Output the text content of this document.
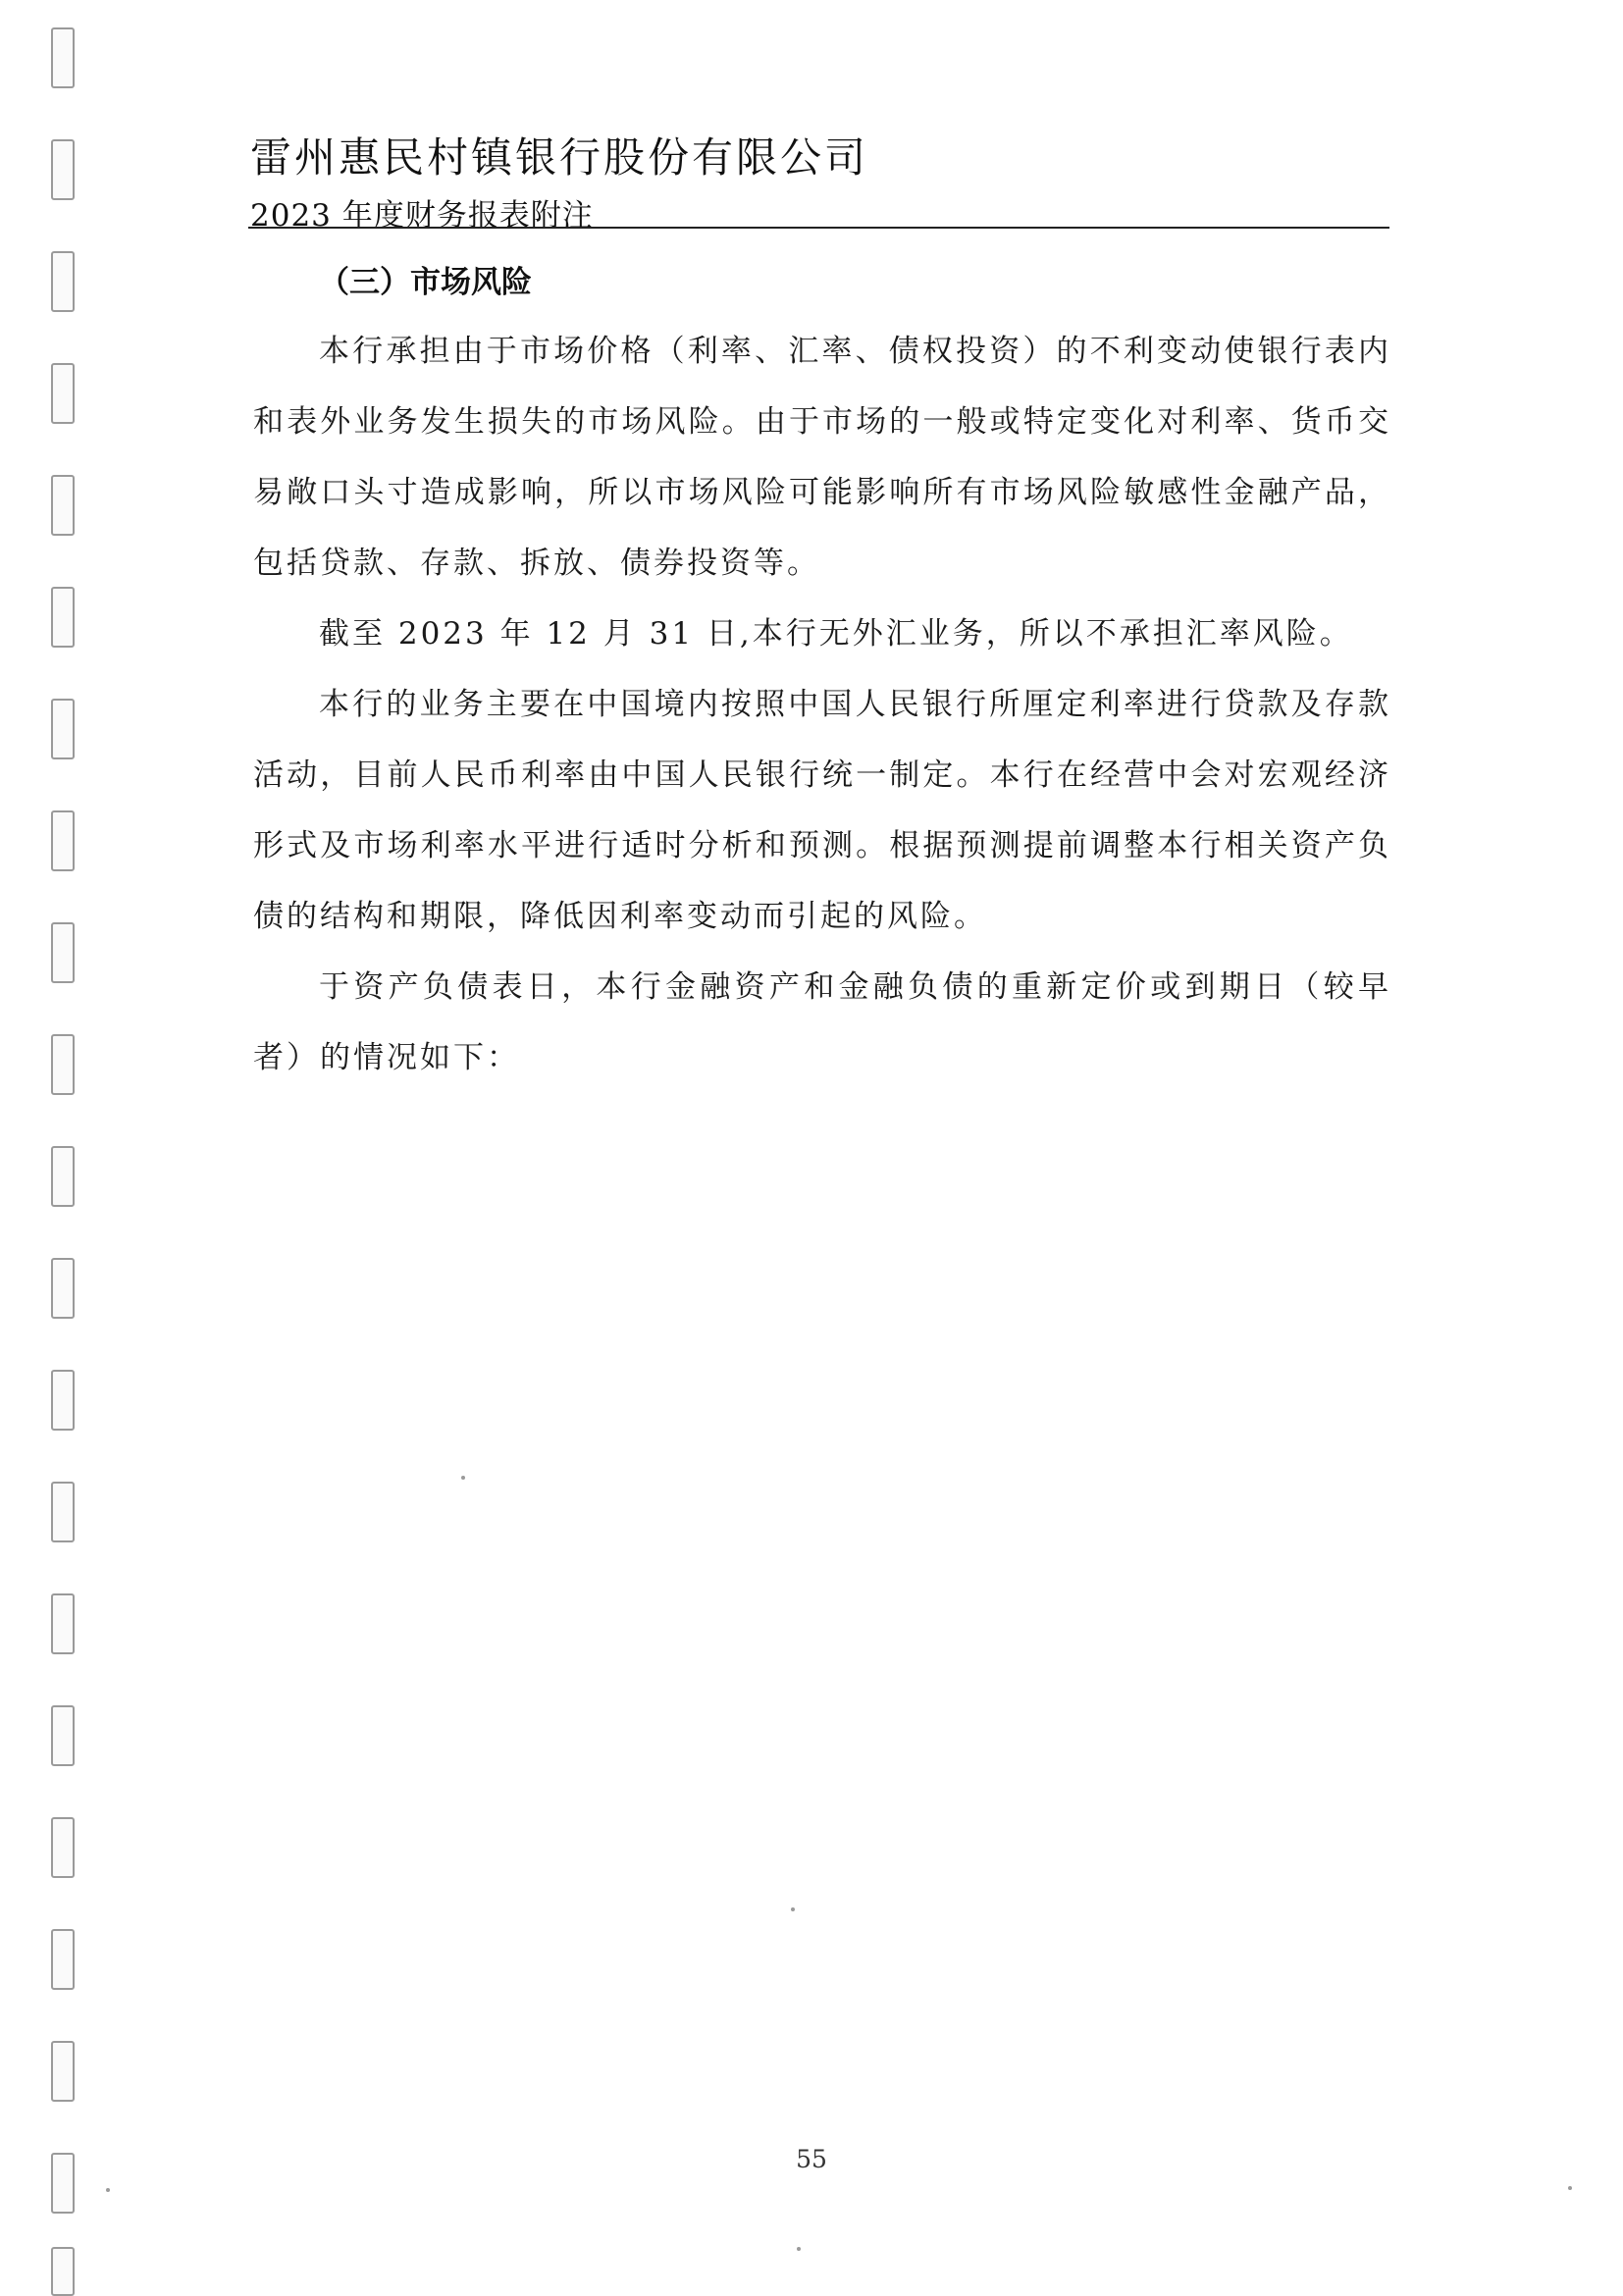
雷州惠民村镇银行股份有限公司
2023 年度财务报表附注
（三）市场风险

本行承担由于市场价格（利率、汇率、债权投资）的不利变动使银行表内和表外业务发生损失的市场风险。由于市场的一般或特定变化对利率、货币交易敞口头寸造成影响，所以市场风险可能影响所有市场风险敏感性金融产品，包括贷款、存款、拆放、债券投资等。

截至 2023 年 12 月 31 日,本行无外汇业务，所以不承担汇率风险。

本行的业务主要在中国境内按照中国人民银行所厘定利率进行贷款及存款活动，目前人民币利率由中国人民银行统一制定。本行在经营中会对宏观经济形式及市场利率水平进行适时分析和预测。根据预测提前调整本行相关资产负债的结构和期限，降低因利率变动而引起的风险。

于资产负债表日，本行金融资产和金融负债的重新定价或到期日（较早者）的情况如下：

55
